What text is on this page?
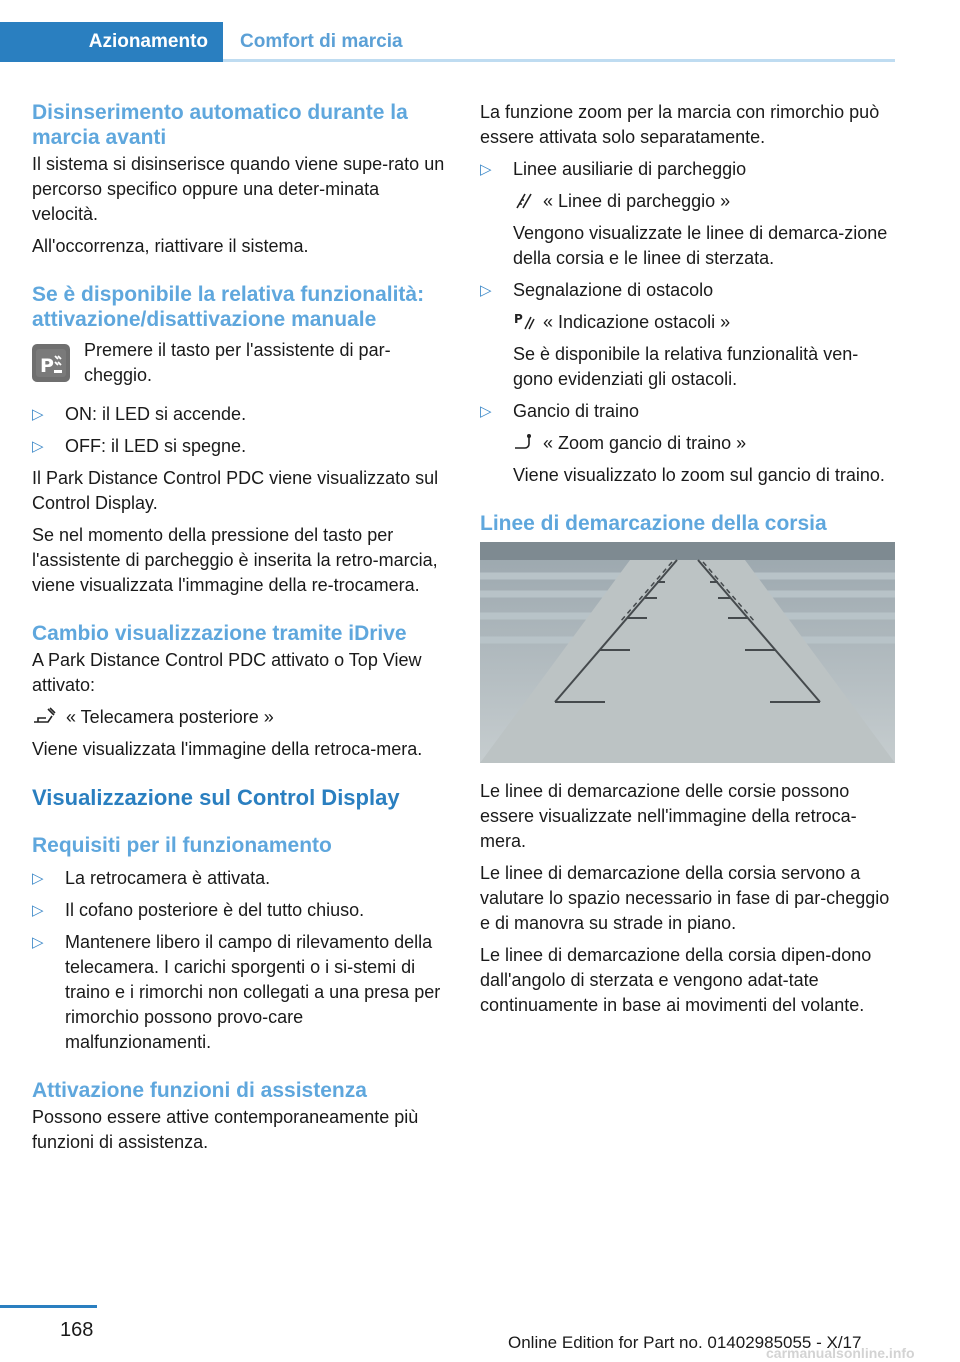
Azionamento	Comfort di marcia
Disinserimento automatico durante la marcia avanti

Il sistema si disinserisce quando viene supe-rato un percorso specifico oppure una deter-minata velocità.

All'occorrenza, riattivare il sistema.

Se è disponibile la relativa funzionalità: attivazione/disattivazione manuale
P

Premere il tasto per l'assistente di par-cheggio.

▷ ON: il LED si accende.
▷ OFF: il LED si spegne.

Il Park Distance Control PDC viene visualizzato sul Control Display.

Se nel momento della pressione del tasto per l'assistente di parcheggio è inserita la retro-marcia, viene visualizzata l'immagine della re-trocamera.

Cambio visualizzazione tramite iDrive

A Park Distance Control PDC attivato o Top View attivato:

« Telecamera posteriore »

Viene visualizzata l'immagine della retroca-mera.

Visualizzazione sul Control Display
Requisiti per il funzionamento
▷ La retrocamera è attivata.
▷ Il cofano posteriore è del tutto chiuso.
▷ Mantenere libero il campo di rilevamento della telecamera. I carichi sporgenti o i si-stemi di traino e i rimorchi non collegati a una presa per rimorchio possono provo-care malfunzionamenti.
Attivazione funzioni di assistenza

Possono essere attive contemporaneamente più funzioni di assistenza.

La funzione zoom per la marcia con rimorchio può essere attivata solo separatamente.

▷ Linee ausiliarie di parcheggio
« Linee di parcheggio »
Vengono visualizzate le linee di demarca-zione della corsia e le linee di sterzata.
▷ Segnalazione di ostacolo
P « Indicazione ostacoli »
Se è disponibile la relativa funzionalità ven-gono evidenziati gli ostacoli.
▷ Gancio di traino
« Zoom gancio di traino »
Viene visualizzato lo zoom sul gancio di traino.
Linee di demarcazione della corsia

Le linee di demarcazione delle corsie possono essere visualizzate nell'immagine della retroca-mera.

Le linee di demarcazione della corsia servono a valutare lo spazio necessario in fase di par-cheggio e di manovra su strade in piano.

Le linee di demarcazione della corsia dipen-dono dall'angolo di sterzata e vengono adat-tate continuamente in base ai movimenti del volante.

168
Online Edition for Part no. 01402985055 - X/17
carmanualsonline.info
